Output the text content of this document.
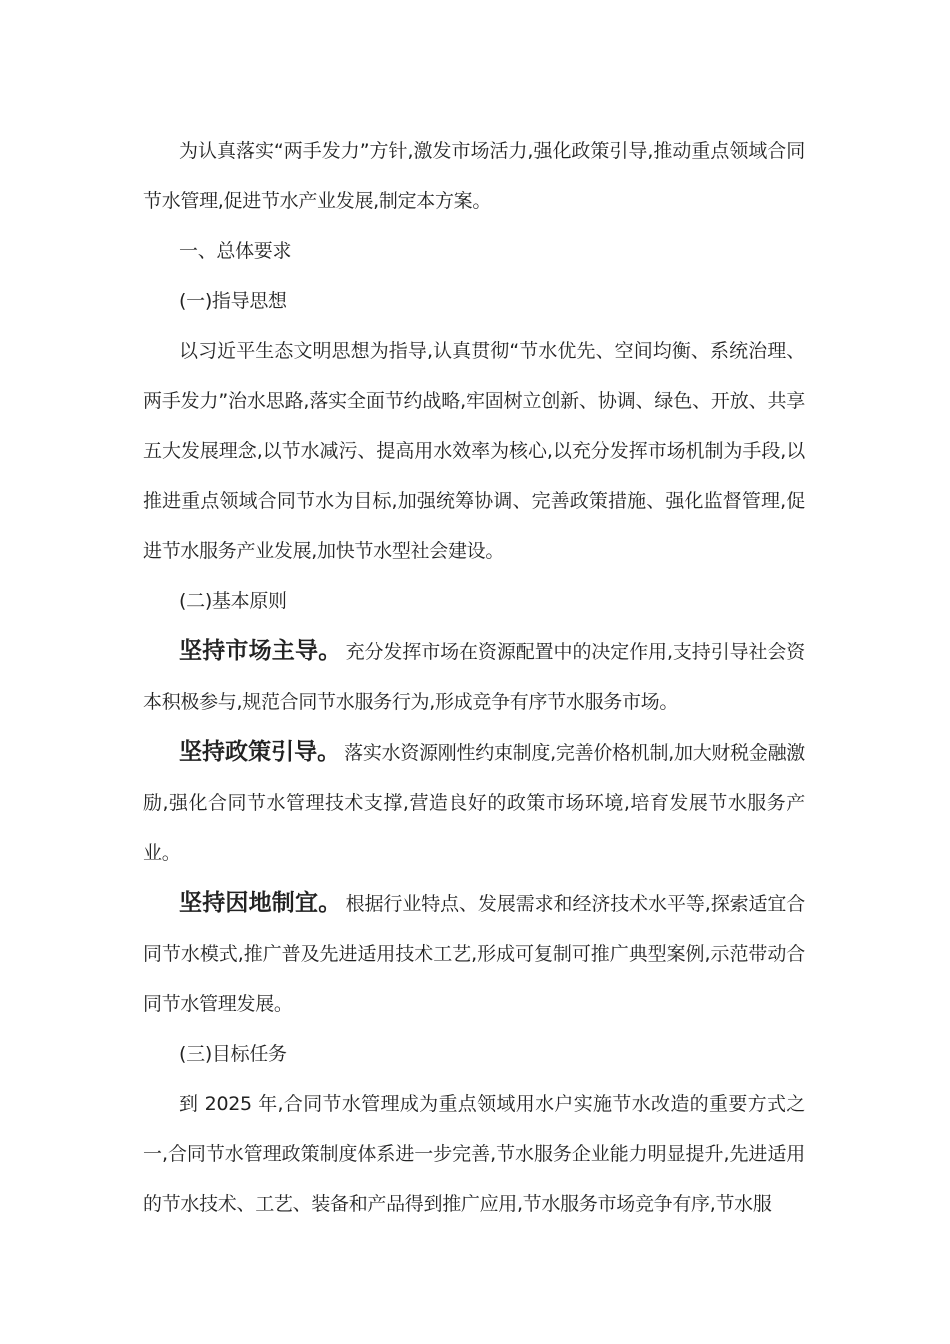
为认真落实“两手发力”方针,激发市场活力,强化政策引导,推动重点领域合同节水管理,促进节水产业发展,制定本方案。

一、总体要求

(一)指导思想

以习近平生态文明思想为指导,认真贯彻“节水优先、空间均衡、系统治理、两手发力”治水思路,落实全面节约战略,牢固树立创新、协调、绿色、开放、共享五大发展理念,以节水减污、提高用水效率为核心,以充分发挥市场机制为手段,以推进重点领域合同节水为目标,加强统筹协调、完善政策措施、强化监督管理,促进节水服务产业发展,加快节水型社会建设。

(二)基本原则

坚持市场主导。 充分发挥市场在资源配置中的决定作用,支持引导社会资本积极参与,规范合同节水服务行为,形成竞争有序节水服务市场。

坚持政策引导。 落实水资源刚性约束制度,完善价格机制,加大财税金融激励,强化合同节水管理技术支撑,营造良好的政策市场环境,培育发展节水服务产业。

坚持因地制宜。 根据行业特点、发展需求和经济技术水平等,探索适宜合同节水模式,推广普及先进适用技术工艺,形成可复制可推广典型案例,示范带动合同节水管理发展。

(三)目标任务

到 2025 年,合同节水管理成为重点领域用水户实施节水改造的重要方式之一,合同节水管理政策制度体系进一步完善,节水服务企业能力明显提升,先进适用的节水技术、工艺、装备和产品得到推广应用,节水服务市场竞争有序,节水服
